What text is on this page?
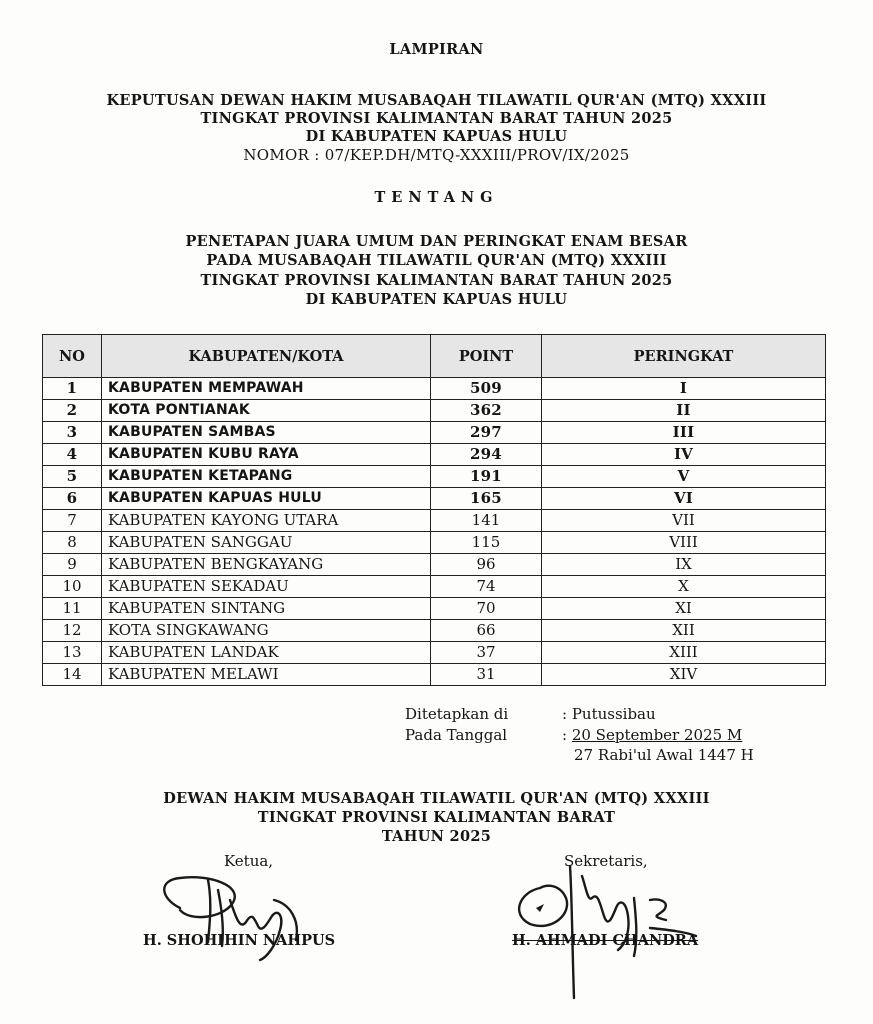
LAMPIRAN
KEPUTUSAN DEWAN HAKIM MUSABAQAH TILAWATIL QUR'AN (MTQ) XXXIII
TINGKAT PROVINSI KALIMANTAN BARAT TAHUN 2025
DI KABUPATEN KAPUAS HULU
NOMOR : 07/KEP.DH/MTQ-XXXIII/PROV/IX/2025
TENTANG
PENETAPAN JUARA UMUM DAN PERINGKAT ENAM BESAR
PADA MUSABAQAH TILAWATIL QUR'AN (MTQ) XXXIII
TINGKAT PROVINSI KALIMANTAN BARAT TAHUN 2025
DI KABUPATEN KAPUAS HULU
NO	KABUPATEN/KOTA	POINT	PERINGKAT
1	KABUPATEN MEMPAWAH	509	I
2	KOTA PONTIANAK	362	II
3	KABUPATEN SAMBAS	297	III
4	KABUPATEN KUBU RAYA	294	IV
5	KABUPATEN KETAPANG	191	V
6	KABUPATEN KAPUAS HULU	165	VI
7	KABUPATEN KAYONG UTARA	141	VII
8	KABUPATEN SANGGAU	115	VIII
9	KABUPATEN BENGKAYANG	96	IX
10	KABUPATEN SEKADAU	74	X
11	KABUPATEN SINTANG	70	XI
12	KOTA SINGKAWANG	66	XII
13	KABUPATEN LANDAK	37	XIII
14	KABUPATEN MELAWI	31	XIV
Ditetapkan di	: Putussibau
Pada Tanggal	: 20 September 2025 M
27 Rabi'ul Awal 1447 H
DEWAN HAKIM MUSABAQAH TILAWATIL QUR'AN (MTQ) XXXIII
TINGKAT PROVINSI KALIMANTAN BARAT
TAHUN 2025
Ketua,	Sekretaris,
H. SHOHIHIN NAHPUS	H. AHMADI CHANDRA
